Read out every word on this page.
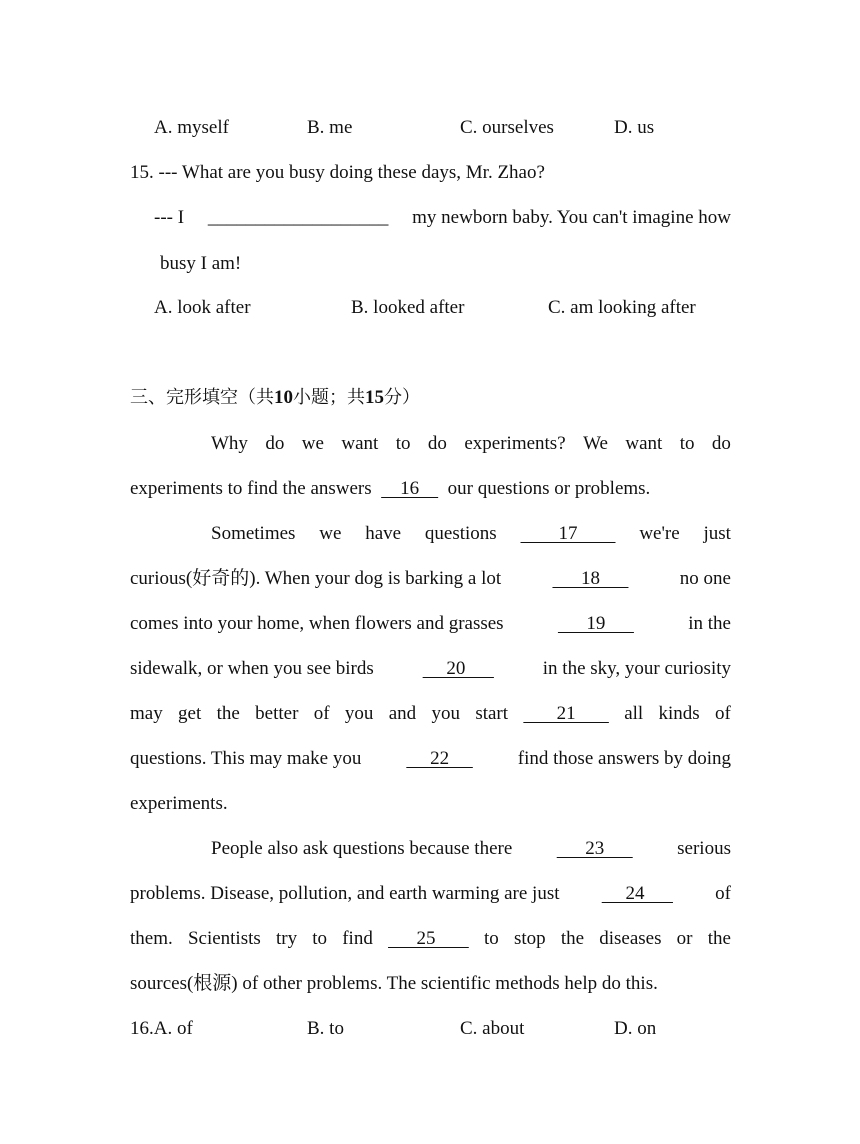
A. myself	B. me	C. ourselves	D. us
15. --- What are you busy doing these days, Mr. Zhao?
--- I ___________________ my newborn baby. You can't imagine how
busy I am!
A. look after	B. looked after	C. am looking after
三、完形填空（共10小题；共15分）
Why do we want to do experiments? We want to do
experiments to find the answers      16      our questions or problems.
Sometimes we have questions 17 we're just
curious(好奇的). When your dog is barking a lot	18	no one
comes into your home, when flowers and grasses	19	in the
sidewalk, or when you see birds	20	in the sky, your curiosity
may get the better of you and you start 21 all kinds of
questions. This may make you 22 find those answers by doing
experiments.
People also ask questions because there 23 serious
problems. Disease, pollution, and earth warming are just 24 of
them. Scientists try to find 25 to stop the diseases or the
sources(根源) of other problems. The scientific methods help do this.
16.A. of	B. to	C. about	D. on
